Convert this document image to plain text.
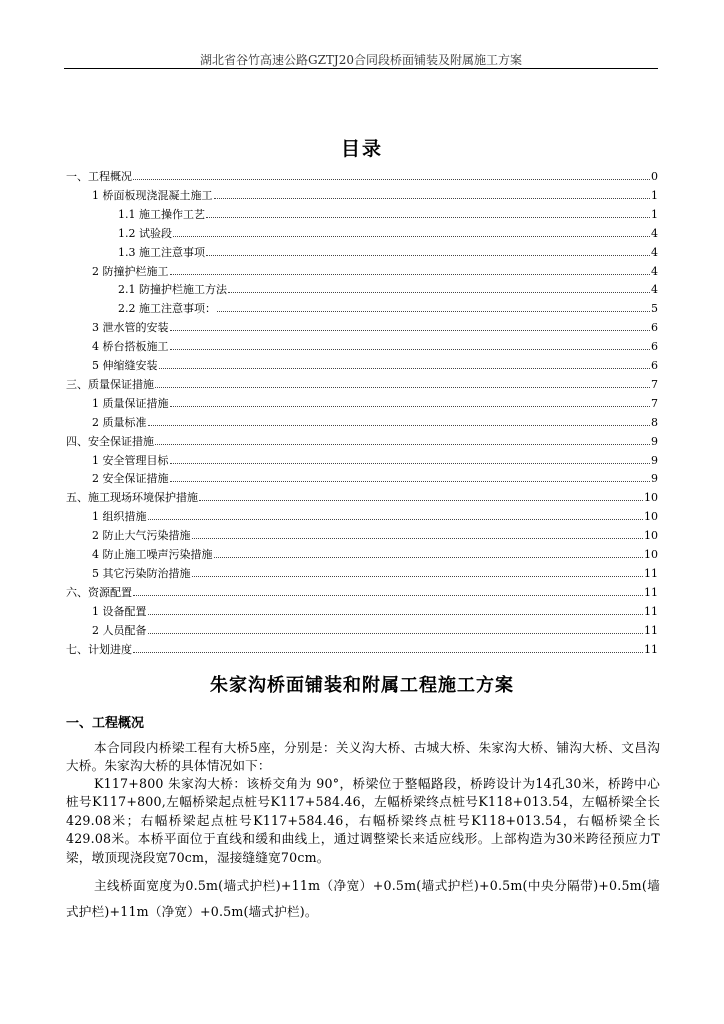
湖北省谷竹高速公路GZTJ20合同段桥面铺装及附属施工方案
目录
一、工程概况	0
1 桥面板现浇混凝土施工	1
1.1 施工操作工艺	1
1.2 试验段	4
1.3 施工注意事项	4
2 防撞护栏施工	4
2.1 防撞护栏施工方法	4
2.2 施工注意事项：	5
3 泄水管的安装	6
4 桥台搭板施工	6
5 伸缩缝安装	6
三、质量保证措施	7
1 质量保证措施	7
2 质量标准	8
四、安全保证措施	9
1 安全管理目标	9
2 安全保证措施	9
五、施工现场环境保护措施	10
1 组织措施	10
2 防止大气污染措施	10
4 防止施工噪声污染措施	10
5 其它污染防治措施	11
六、资源配置	11
1 设备配置	11
2 人员配备	11
七、计划进度	11
朱家沟桥面铺装和附属工程施工方案
一、工程概况
本合同段内桥梁工程有大桥5座，分别是：关义沟大桥、古城大桥、朱家沟大桥、铺沟大桥、文昌沟大桥。朱家沟大桥的具体情况如下：
K117+800 朱家沟大桥：该桥交角为 90°，桥梁位于整幅路段，桥跨设计为14孔30米，桥跨中心桩号K117+800,左幅桥梁起点桩号K117+584.46，左幅桥梁终点桩号K118+013.54，左幅桥梁全长429.08米；右幅桥梁起点桩号K117+584.46，右幅桥梁终点桩号K118+013.54，右幅桥梁全长429.08米。本桥平面位于直线和缓和曲线上，通过调整梁长来适应线形。上部构造为30米跨径预应力T梁，墩顶现浇段宽70cm，湿接缝缝宽70cm。
主线桥面宽度为0.5m(墙式护栏)+11m（净宽）+0.5m(墙式护栏)+0.5m(中央分隔带)+0.5m(墙式护栏)+11m（净宽）+0.5m(墙式护栏)。
